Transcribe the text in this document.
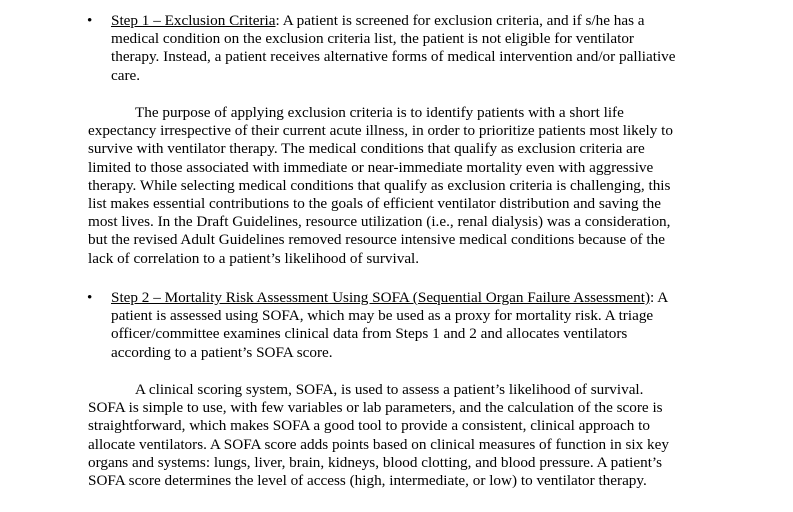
• Step 1 – Exclusion Criteria: A patient is screened for exclusion criteria, and if s/he has a
medical condition on the exclusion criteria list, the patient is not eligible for ventilator
therapy. Instead, a patient receives alternative forms of medical intervention and/or palliative
care.
The purpose of applying exclusion criteria is to identify patients with a short life
expectancy irrespective of their current acute illness, in order to prioritize patients most likely to
survive with ventilator therapy. The medical conditions that qualify as exclusion criteria are
limited to those associated with immediate or near-immediate mortality even with aggressive
therapy. While selecting medical conditions that qualify as exclusion criteria is challenging, this
list makes essential contributions to the goals of efficient ventilator distribution and saving the
most lives. In the Draft Guidelines, resource utilization (i.e., renal dialysis) was a consideration,
but the revised Adult Guidelines removed resource intensive medical conditions because of the
lack of correlation to a patient’s likelihood of survival.
• Step 2 – Mortality Risk Assessment Using SOFA (Sequential Organ Failure Assessment): A
patient is assessed using SOFA, which may be used as a proxy for mortality risk. A triage
officer/committee examines clinical data from Steps 1 and 2 and allocates ventilators
according to a patient’s SOFA score.
A clinical scoring system, SOFA, is used to assess a patient’s likelihood of survival.
SOFA is simple to use, with few variables or lab parameters, and the calculation of the score is
straightforward, which makes SOFA a good tool to provide a consistent, clinical approach to
allocate ventilators. A SOFA score adds points based on clinical measures of function in six key
organs and systems: lungs, liver, brain, kidneys, blood clotting, and blood pressure. A patient’s
SOFA score determines the level of access (high, intermediate, or low) to ventilator therapy.
